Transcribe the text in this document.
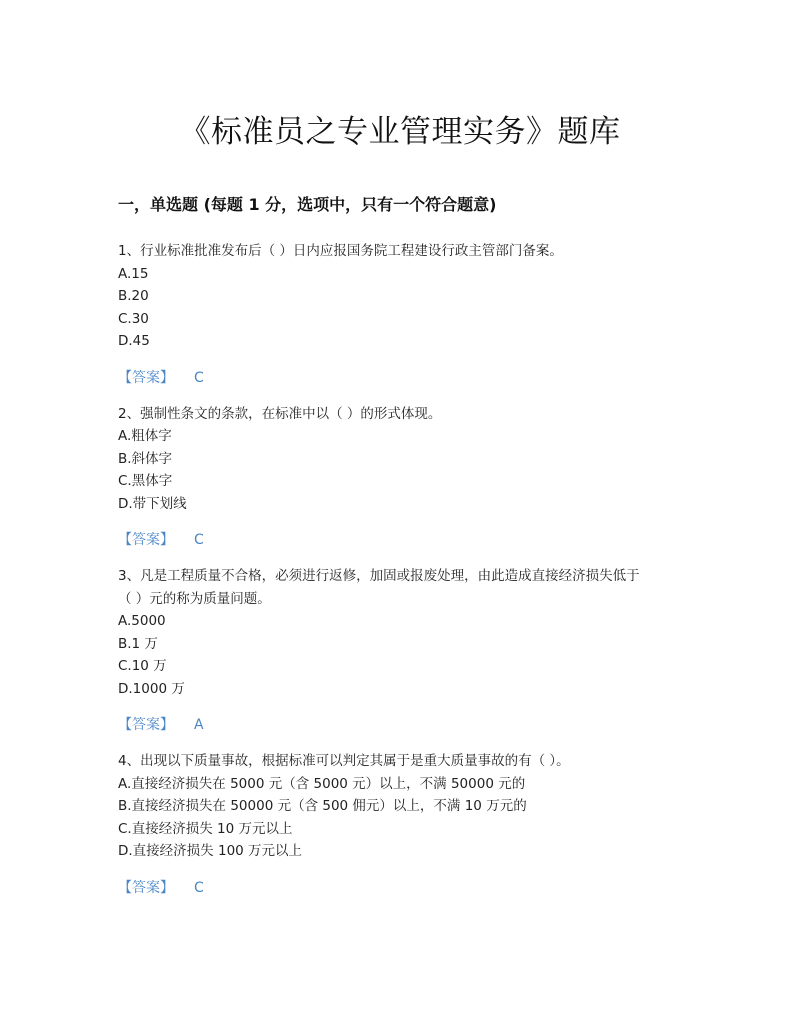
《标准员之专业管理实务》题库
一，单选题 (每题 1 分，选项中，只有一个符合题意)

1、行业标准批准发布后（ ）日内应报国务院工程建设行政主管部门备案。

A.15

B.20

C.30

D.45

【答案】 C

2、强制性条文的条款，在标准中以（ ）的形式体现。

A.粗体字

B.斜体字

C.黑体字

D.带下划线

【答案】 C

3、凡是工程质量不合格，必须进行返修，加固或报废处理，由此造成直接经济损失低于
（ ）元的称为质量问题。

A.5000

B.1 万

C.10 万

D.1000 万

【答案】 A

4、出现以下质量事故，根据标准可以判定其属于是重大质量事故的有（ ）。

A.直接经济损失在 5000 元（含 5000 元）以上，不满 50000 元的

B.直接经济损失在 50000 元（含 500 佣元）以上，不满 10 万元的

C.直接经济损失 10 万元以上

D.直接经济损失 100 万元以上

【答案】 C
